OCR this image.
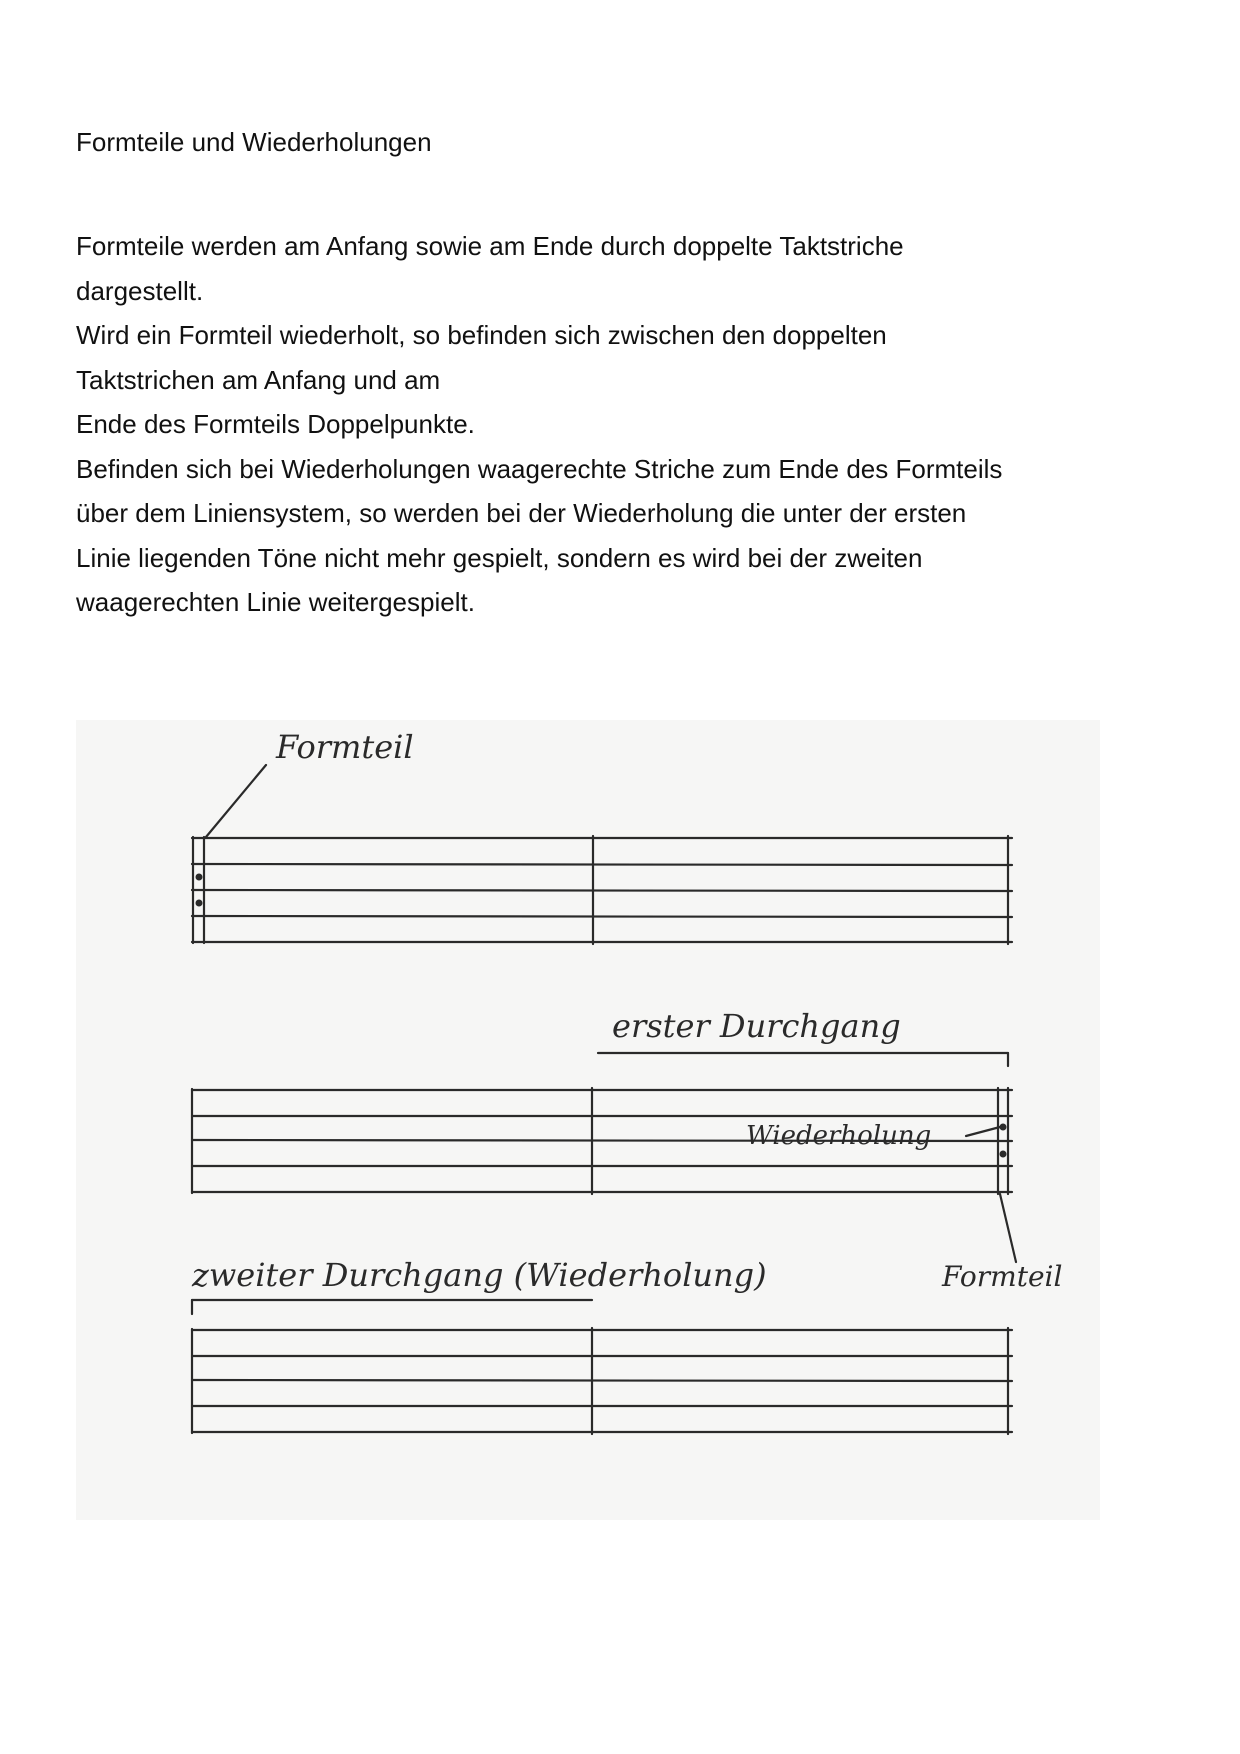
Formteile und Wiederholungen
Formteile werden am Anfang sowie am Ende durch doppelte Taktstriche
dargestellt.
Wird ein Formteil wiederholt, so befinden sich zwischen den doppelten
Taktstrichen am Anfang und am
Ende des Formteils Doppelpunkte.
Befinden sich bei Wiederholungen waagerechte Striche zum Ende des Formteils
über dem Liniensystem, so werden bei der Wiederholung die unter der ersten
Linie liegenden Töne nicht mehr gespielt, sondern es wird bei der zweiten
waagerechten Linie weitergespielt.
Formteil
erster Durchgang
Wiederholung
zweiter Durchgang (Wiederholung)	Formteil
